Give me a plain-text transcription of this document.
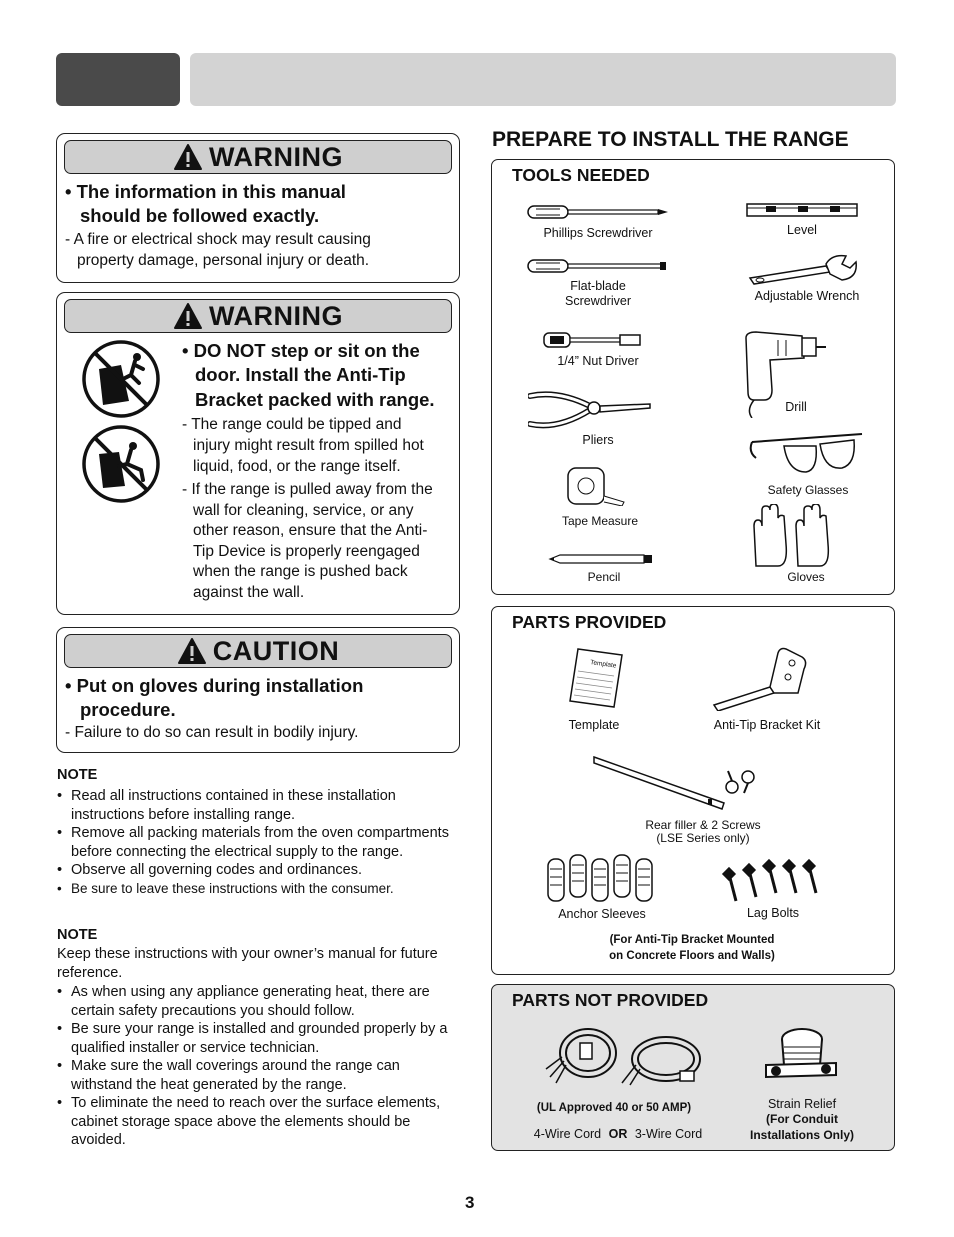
WARNING
• The information in this manual
should be followed exactly.
- A fire or electrical shock may result causing
property damage, personal injury or death.
WARNING
• DO NOT step or sit on the
door. Install the Anti-Tip
Bracket packed with range.
- The range could be tipped and
injury might result from spilled hot
liquid, food, or the range itself.
- If the range is pulled away from the
wall for cleaning, service, or any
other reason, ensure that the Anti-
Tip Device is properly reengaged
when the range is pushed back
against the wall.
CAUTION
• Put on gloves during installation
procedure.
- Failure to do so can result in bodily injury.
NOTE
• Read all instructions contained in these installation instructions before installing range.
• Remove all packing materials from the oven compartments before connecting the electrical supply to the range.
• Observe all governing codes and ordinances.
• Be sure to leave these instructions with the consumer.
NOTE
Keep these instructions with your owner’s manual for future reference.
• As when using any appliance generating heat, there are certain safety precautions you should follow.
• Be sure your range is installed and grounded properly by a qualified installer or service technician.
• Make sure the wall coverings around the range can withstand the heat generated by the range.
• To eliminate the need to reach over the surface elements, cabinet storage space above the elements should be avoided.
PREPARE TO INSTALL THE RANGE
TOOLS NEEDED
Phillips Screwdriver	Level
Flat-blade
Screwdriver	Adjustable Wrench
1/4” Nut Driver
Drill
Pliers
Safety Glasses
Tape Measure
Pencil	Gloves
PARTS PROVIDED
Template
Template	Anti-Tip Bracket Kit
Rear filler & 2 Screws
(LSE Series only)
Anchor Sleeves	Lag Bolts
(For Anti-Tip Bracket Mounted
on Concrete Floors and Walls)
PARTS NOT PROVIDED
(UL Approved 40 or 50 AMP)
4-Wire Cord OR 3-Wire Cord
Strain Relief
(For Conduit
Installations Only)
3
